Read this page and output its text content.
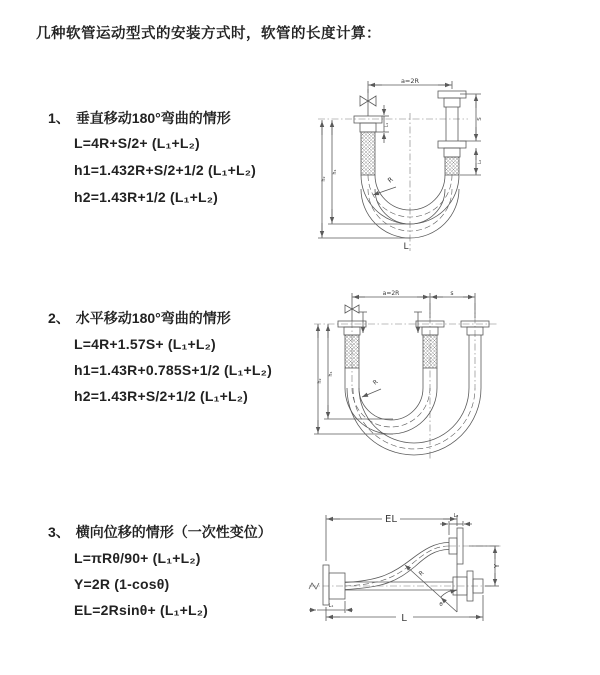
几种软管运动型式的安装方式时，软管的长度计算：
1、 垂直移动180°弯曲的情形
L=4R+S/2+ (L₁+L₂)
h1=1.432R+S/2+1/2 (L₁+L₂)
h2=1.43R+1/2 (L₁+L₂)
2、 水平移动180°弯曲的情形
L=4R+1.57S+ (L₁+L₂)
h1=1.43R+0.785S+1/2 (L₁+L₂)
h2=1.43R+S/2+1/2 (L₁+L₂)
3、 横向位移的情形（一次性变位）
L=πRθ/90+ (L₁+L₂)
Y=2R (1-cosθ)
EL=2Rsinθ+ (L₁+L₂)
a=2R
S
L₂
L₁
h₁
h₂	R
L
a=2R	s
h₁
h₂	R
EL	L₂
Y
R
θ
L
L₁
